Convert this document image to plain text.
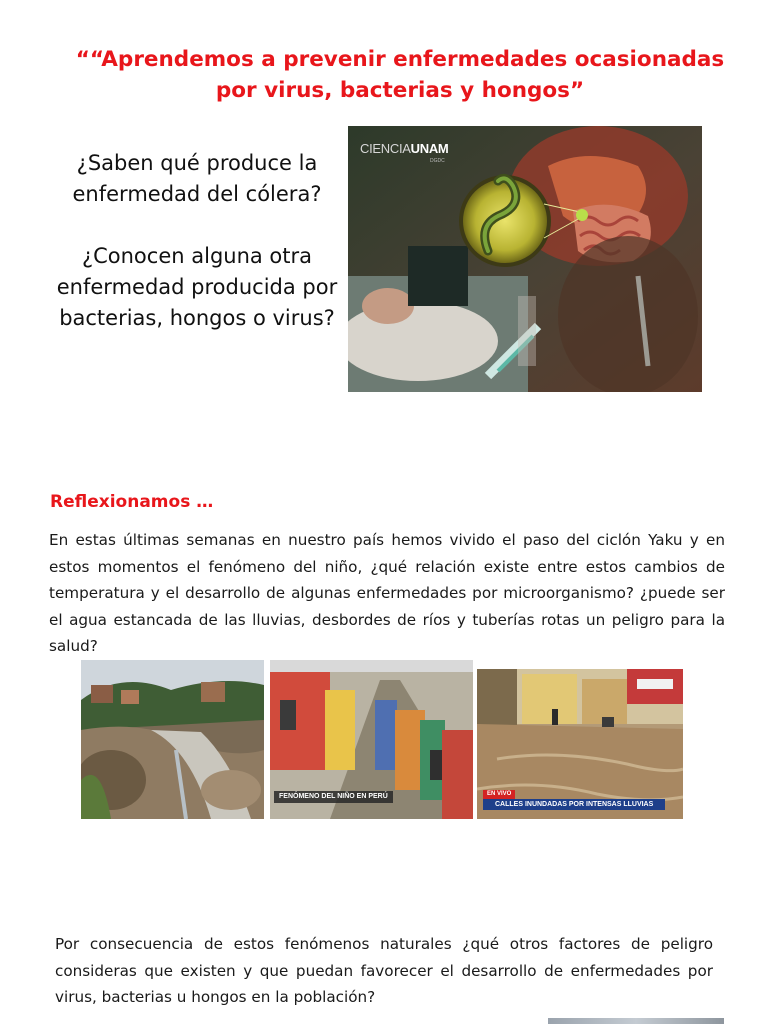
““Aprendemos a prevenir enfermedades ocasionadas por virus, bacterias y hongos”

¿Saben qué produce la enfermedad del cólera?

¿Conocen alguna otra enfermedad producida por bacterias, hongos o virus?

CIENCIAUNAM
DGDC
Reflexionamos …

En estas últimas semanas en nuestro país hemos vivido el paso del ciclón Yaku y en estos momentos el fenómeno del niño, ¿qué relación existe entre estos cambios de temperatura y el desarrollo de algunas enfermedades por microorganismo? ¿puede ser el agua estancada de las lluvias, desbordes de ríos y tuberías rotas un peligro para la salud?

FENÓMENO DEL NIÑO EN PERÚ	EN VIVO
CALLES INUNDADAS POR INTENSAS LLUVIAS

Por consecuencia de estos fenómenos naturales ¿qué otros factores de peligro consideras que existen y que puedan favorecer el desarrollo de enfermedades por virus, bacterias u hongos en la población?
